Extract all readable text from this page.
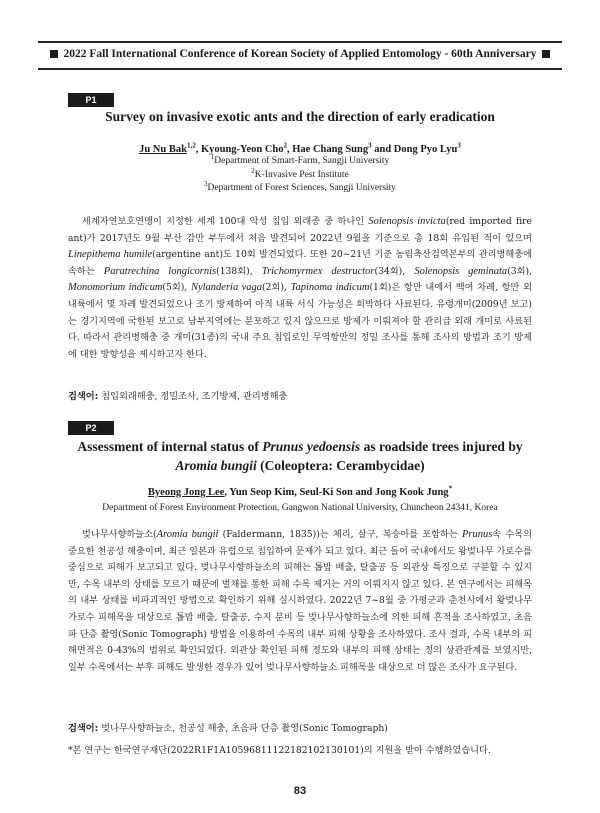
2022 Fall International Conference of Korean Society of Applied Entomology - 60th Anniversary
P1
Survey on invasive exotic ants and the direction of early eradication
Ju Nu Bak$^{1,2}$, Kyoung-Yeon Cho$^2$, Hae Chang Sung$^3$ and Dong Pyo Lyu$^3$
$^1$Department of Smart-Farm, Sangji University
$^2$K-Invasive Pest Institute
$^3$Department of Forest Sciences, Sangji University
세계자연보호연맹이 지정한 세계 100대 악성 침입 외래종 중 하나인 Solenopsis invicta(red imported fire ant)가 2017년도 9월 부산 감만 부두에서 처음 발견되어 2022년 9월을 기준으로 총 18회 유입된 적이 있으며 Linepithema humile(argentine ant)도 10회 발견되었다. 또한 20~21년 기준 농림축산검역본부의 관리병해충에 속하는 Paratrechina longicornis(138회), Trichomyrmex destructor(34회), Solenopsis geminata(3회), Monomorium indicum(5회), Nylanderia vaga(2회), Tapinoma indicum(1회)은 항만 내에서 백여 차례, 항만 외 내륙에서 몇 차례 발견되었으나 조기 방제하여 아직 내륙 서식 가능성은 희박하다 사료된다. 유령개미(2009년 보고)는 경기지역에 국한된 보고로 남부지역에는 분포하고 있지 않으므로 방제가 이뤄져야 할 관리급 외래 개미로 사료된다. 따라서 관리병해충 중 개미(31종)의 국내 주요 침입로인 무역항만의 정밀 조사를 통해 조사의 방법과 조기 방제에 대한 방향성을 제시하고자 한다.
검색어: 침입외래해충, 정밀조사, 조기방제, 관리병해충
P2
Assessment of internal status of Prunus yedoensis as roadside trees injured by Aromia bungii (Coleoptera: Cerambycidae)
Byeong Jong Lee, Yun Seop Kim, Seul-Ki Son and Jong Kook Jung*
Department of Forest Environment Protection, Gangwon National University, Chuncheon 24341, Korea
벚나무사향하늘소(Aromia bungii (Faldermann, 1835))는 체리, 살구, 복숭아를 포함하는 Prunus속 수목의 중요한 천공성 해충이며, 최근 일본과 유럽으로 침입하여 문제가 되고 있다. 최근 들어 국내에서도 왕벚나무 가로수를 중심으로 피해가 보고되고 있다. 벚나무사향하늘소의 피해는 톱밥 배출, 탈출공 등 외관상 특징으로 구분할 수 있지만, 수목 내부의 상태를 모르기 때문에 벌채를 통한 피해 수목 제거는 거의 이뤄지지 않고 있다. 본 연구에서는 피해목의 내부 상태를 비파괴적인 방법으로 확인하기 위해 실시하였다. 2022년 7~8월 중 가평군과 춘천시에서 왕벚나무 가로수 피해목을 대상으로 톱밥 배출, 탈출공, 수지 분비 등 벚나무사향하늘소에 의한 피해 흔적을 조사하였고, 초음파 단층 촬영(Sonic Tomograph) 방법을 이용하여 수목의 내부 피해 상황을 조사하였다. 조사 결과, 수목 내부의 피해면적은 0-43%의 범위로 확인되었다. 외관상 확인된 피해 정도와 내부의 피해 상태는 정의 상관관계를 보였지만, 일부 수목에서는 부후 피해도 발생한 경우가 있어 벚나무사향하늘소 피해목을 대상으로 더 많은 조사가 요구된다.
검색어: 벚나무사향하늘소, 천공성 해충, 초음파 단층 촬영(Sonic Tomograph)
*본 연구는 한국연구재단(2022R1F1A1059681112218210213010​1)의 지원을 받아 수행하였습니다.
83
